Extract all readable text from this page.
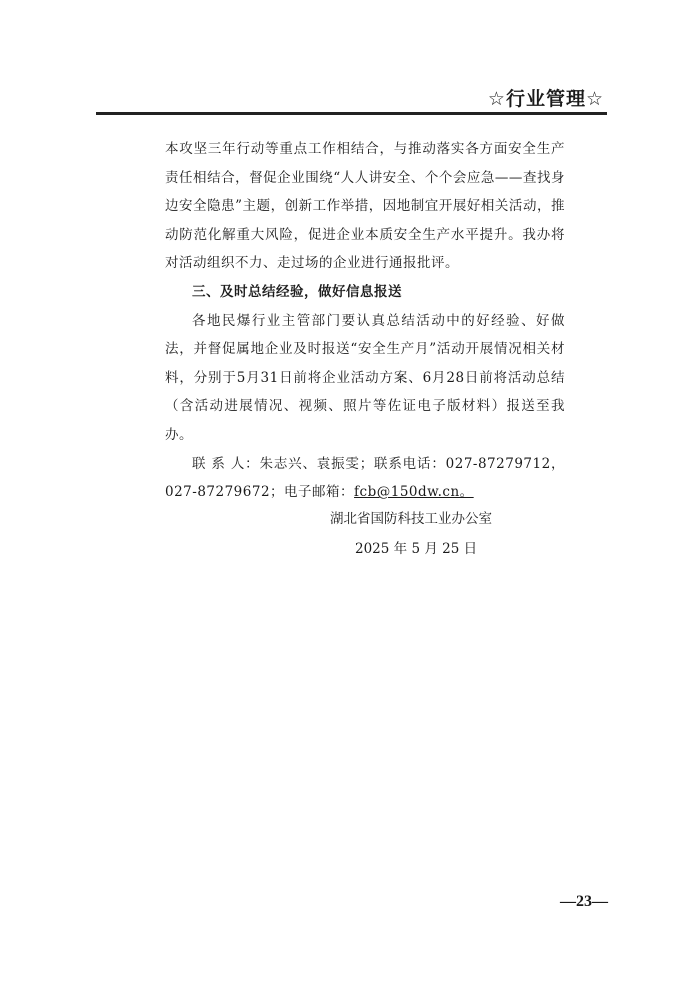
☆行业管理☆

本攻坚三年行动等重点工作相结合，与推动落实各方面安全生产责任相结合，督促企业围绕“人人讲安全、个个会应急——查找身边安全隐患”主题，创新工作举措，因地制宜开展好相关活动，推动防范化解重大风险，促进企业本质安全生产水平提升。我办将对活动组织不力、走过场的企业进行通报批评。

三、及时总结经验，做好信息报送

各地民爆行业主管部门要认真总结活动中的好经验、好做法，并督促属地企业及时报送“安全生产月”活动开展情况相关材料，分别于5月31日前将企业活动方案、6月28日前将活动总结（含活动进展情况、视频、照片等佐证电子版材料）报送至我办。

联 系 人：朱志兴、袁振雯；联系电话：027-87279712，027-87279672；电子邮箱：fcb@150dw.cn。

湖北省国防科技工业办公室
2025 年 5 月 25 日
—23—
